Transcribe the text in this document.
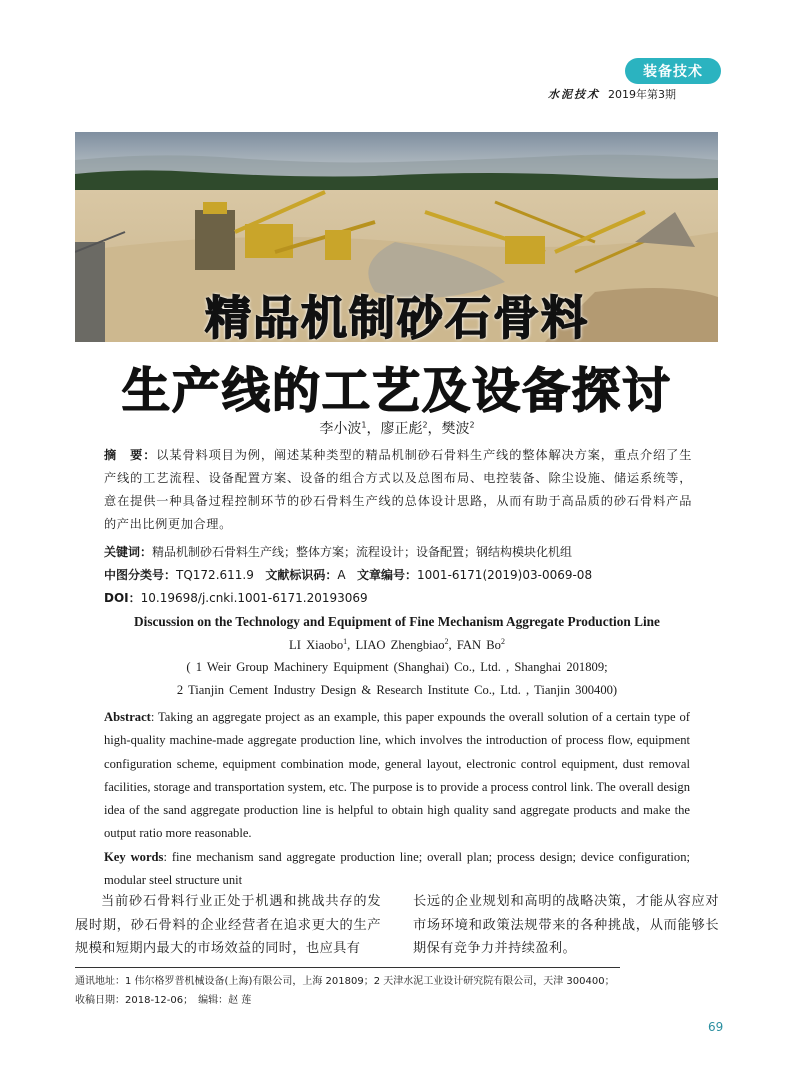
装备技术
水泥技术 2019年第3期
精品机制砂石骨料
生产线的工艺及设备探讨
李小波$^1$，廖正彪$^2$，樊波$^2$
摘　要：以某骨料项目为例，阐述某种类型的精品机制砂石骨料生产线的整体解决方案，重点介绍了生产线的工艺流程、设备配置方案、设备的组合方式以及总图布局、电控装备、除尘设施、储运系统等，意在提供一种具备过程控制环节的砂石骨料生产线的总体设计思路，从而有助于高品质的砂石骨料产品的产出比例更加合理。
关键词：精品机制砂石骨料生产线；整体方案；流程设计；设备配置；钢结构模块化机组
中图分类号：TQ172.611.9 文献标识码：A 文章编号：1001-6171(2019)03-0069-08
DOI：10.19698/j.cnki.1001-6171.20193069
Discussion on the Technology and Equipment of Fine Mechanism Aggregate Production Line
LI Xiaobo$^1$, LIAO Zhengbiao$^2$, FAN Bo$^2$
( 1 Weir Group Machinery Equipment (Shanghai) Co., Ltd. , Shanghai 201809;
2 Tianjin Cement Industry Design & Research Institute Co., Ltd. , Tianjin 300400)
Abstract: Taking an aggregate project as an example, this paper expounds the overall solution of a certain type of high-quality machine-made aggregate production line, which involves the introduction of process flow, equipment configuration scheme, equipment combination mode, general layout, electronic control equipment, dust removal facilities, storage and transportation system, etc. The purpose is to provide a process control link. The overall design idea of the sand aggregate production line is helpful to obtain high quality sand aggregate products and make the output ratio more reasonable.
Key words: fine mechanism sand aggregate production line; overall plan; process design; device configuration; modular steel structure unit
当前砂石骨料行业正处于机遇和挑战共存的发展时期，砂石骨料的企业经营者在追求更大的生产规模和短期内最大的市场效益的同时，也应具有
长远的企业规划和高明的战略决策，才能从容应对市场环境和政策法规带来的各种挑战，从而能够长期保有竞争力并持续盈利。
通讯地址：1 伟尔格罗普机械设备(上海)有限公司，上海 201809；2 天津水泥工业设计研究院有限公司，天津 300400；
收稿日期：2018-12-06；　编辑：赵 莲
69
